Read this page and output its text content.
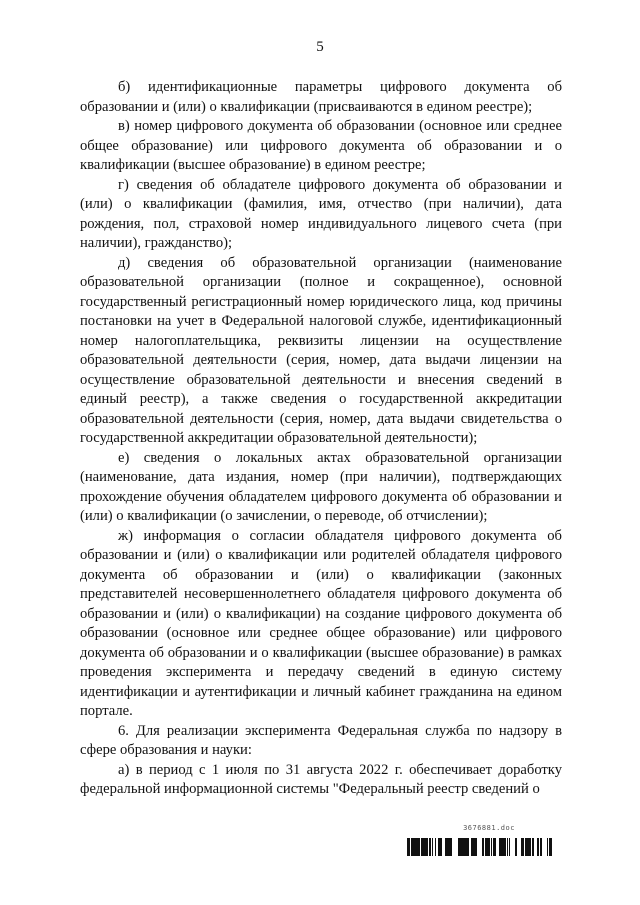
5

б) идентификационные параметры цифрового документа об образовании и (или) о квалификации (присваиваются в едином реестре);

в) номер цифрового документа об образовании (основное или среднее общее образование) или цифрового документа об образовании и о квалификации (высшее образование) в едином реестре;

г) сведения об обладателе цифрового документа об образовании и (или) о квалификации (фамилия, имя, отчество (при наличии), дата рождения, пол, страховой номер индивидуального лицевого счета (при наличии), гражданство);

д) сведения об образовательной организации (наименование образовательной организации (полное и сокращенное), основной государственный регистрационный номер юридического лица, код причины постановки на учет в Федеральной налоговой службе, идентификационный номер налогоплательщика, реквизиты лицензии на осуществление образовательной деятельности (серия, номер, дата выдачи лицензии на осуществление образовательной деятельности и внесения сведений в единый реестр), а также сведения о государственной аккредитации образовательной деятельности (серия, номер, дата выдачи свидетельства о государственной аккредитации образовательной деятельности);

е) сведения о локальных актах образовательной организации (наименование, дата издания, номер (при наличии), подтверждающих прохождение обучения обладателем цифрового документа об образовании и (или) о квалификации (о зачислении, о переводе, об отчислении);

ж) информация о согласии обладателя цифрового документа об образовании и (или) о квалификации или родителей обладателя цифрового документа об образовании и (или) о квалификации (законных представителей несовершеннолетнего обладателя цифрового документа об образовании и (или) о квалификации) на создание цифрового документа об образовании (основное или среднее общее образование) или цифрового документа об образовании и о квалификации (высшее образование) в рамках проведения эксперимента и передачу сведений в единую систему идентификации и аутентификации и личный кабинет гражданина на едином портале.

6. Для реализации эксперимента Федеральная служба по надзору в сфере образования и науки:

а) в период с 1 июля по 31 августа 2022 г. обеспечивает доработку федеральной информационной системы "Федеральный реестр сведений о

3676881.doc
